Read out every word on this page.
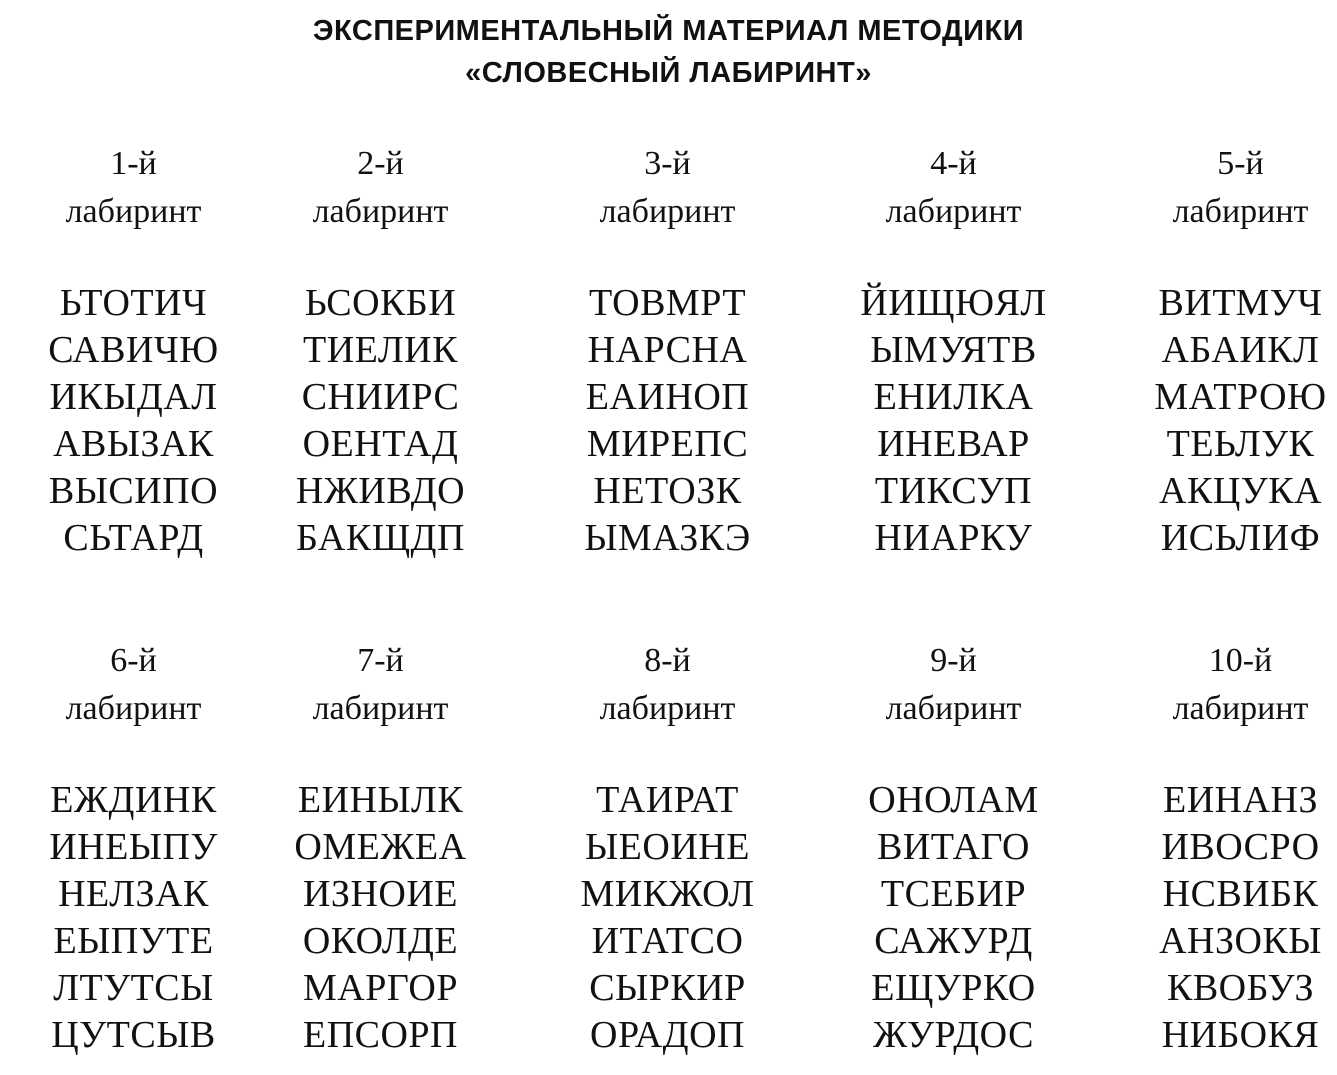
ЭКСПЕРИМЕНТАЛЬНЫЙ МАТЕРИАЛ МЕТОДИКИ
«СЛОВЕСНЫЙ ЛАБИРИНТ»
1-й
лабиринт
ЬТОТИЧ
САВИЧЮ
ИКЫДАЛ
АВЫЗАК
ВЫСИПО
СЬТАРД
2-й
лабиринт
ЬСОКБИ
ТИЕЛИК
СНИИРС
ОЕНТАД
НЖИВДО
БАКЩДП
3-й
лабиринт
ТОВМРТ
НАРСНА
ЕАИНОП
МИРЕПС
НЕТОЗК
ЫМАЗКЭ
4-й
лабиринт
ЙИЩЮЯЛ
ЫМУЯТВ
ЕНИЛКА
ИНЕВАР
ТИКСУП
НИАРКУ
5-й
лабиринт
ВИТМУЧ
АБАИКЛ
МАТРОЮ
ТЕЬЛУК
АКЦУКА
ИСЬЛИФ
6-й
лабиринт
ЕЖДИНК
ИНЕЫПУ
НЕЛЗАК
ЕЫПУТЕ
ЛТУТСЫ
ЦУТСЫВ
7-й
лабиринт
ЕИНЫЛК
ОМЕЖЕА
ИЗНОИЕ
ОКОЛДЕ
МАРГОР
ЕПСОРП
8-й
лабиринт
ТАИРАТ
ЫЕОИНЕ
МИКЖОЛ
ИТАТСО
СЫРКИР
ОРАДОП
9-й
лабиринт
ОНОЛАМ
ВИТАГО
ТСЕБИР
САЖУРД
ЕЩУРКО
ЖУРДОС
10-й
лабиринт
ЕИНАНЗ
ИВОСРО
НСВИБК
АНЗОКЫ
КВОБУЗ
НИБОКЯ
